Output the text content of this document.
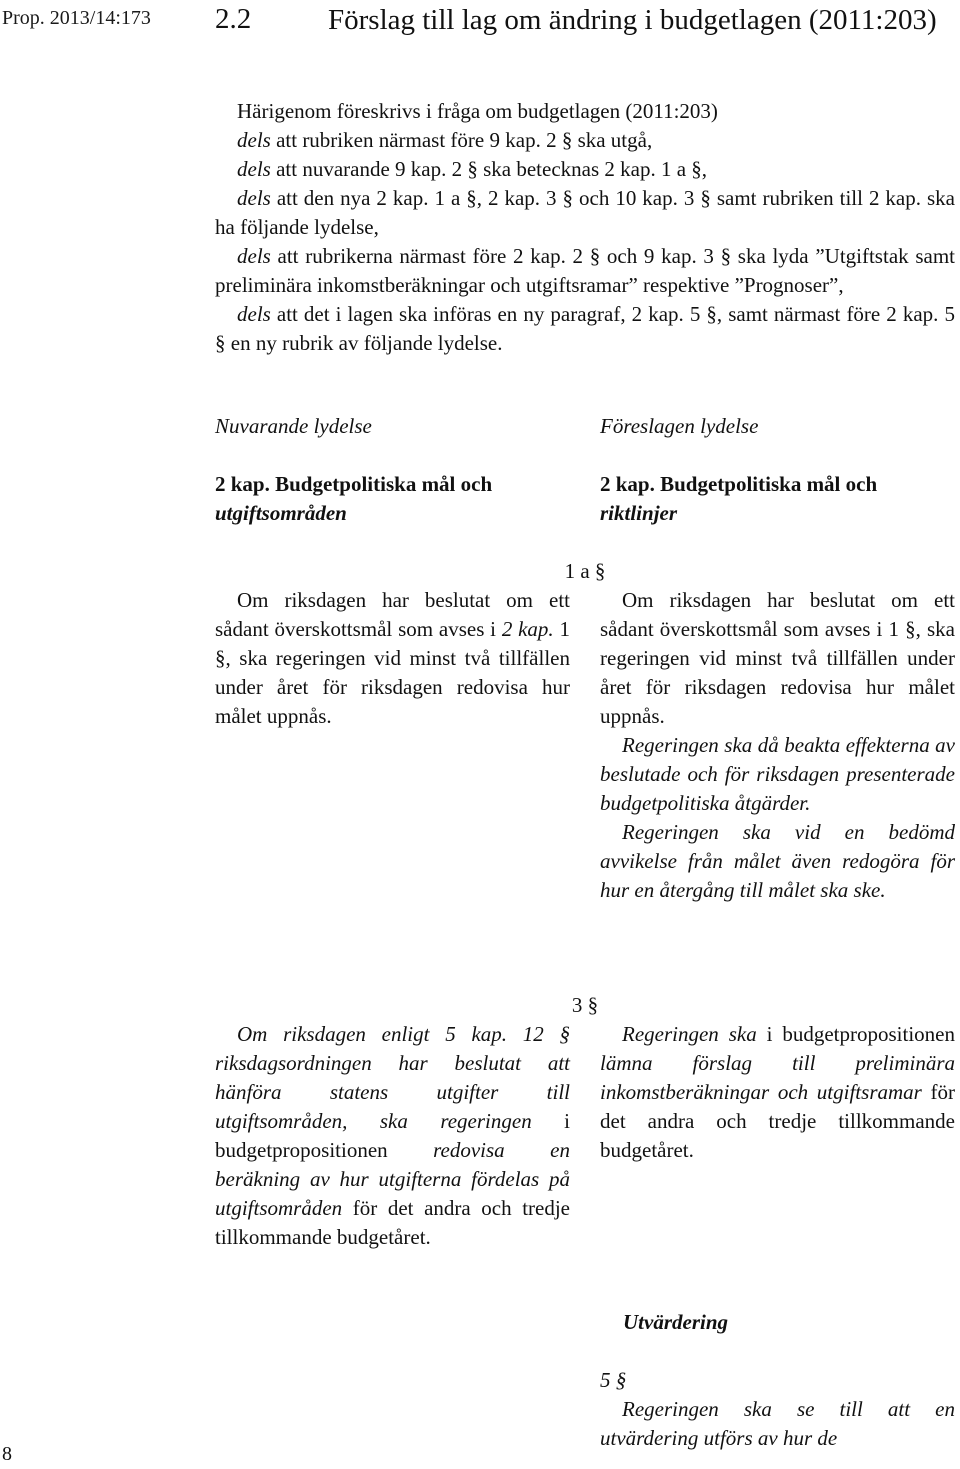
Prop. 2013/14:173 2.2	Förslag till lag om ändring i budgetlagen (2011:203)

Härigenom föreskrivs i fråga om budgetlagen (2011:203)

dels att rubriken närmast före 9 kap. 2 § ska utgå,

dels att nuvarande 9 kap. 2 § ska betecknas 2 kap. 1 a §,

dels att den nya 2 kap. 1 a §, 2 kap. 3 § och 10 kap. 3 § samt rubriken till 2 kap. ska ha följande lydelse,

dels att rubrikerna närmast före 2 kap. 2 § och 9 kap. 3 § ska lyda ”Utgiftstak samt preliminära inkomstberäkningar och utgiftsramar” respektive ”Prognoser”,

dels att det i lagen ska införas en ny paragraf, 2 kap. 5 §, samt närmast före 2 kap. 5 § en ny rubrik av följande lydelse.

Nuvarande lydelse	Föreslagen lydelse
2 kap. Budgetpolitiska mål och
utgiftsområden
2 kap. Budgetpolitiska mål och
riktlinjer
1 a §

Om riksdagen har beslutat om ett sådant överskottsmål som avses i 2 kap. 1 §, ska regeringen vid minst två tillfällen under året för riksdagen redovisa hur målet uppnås.

Om riksdagen har beslutat om ett sådant överskottsmål som avses i 1 §, ska regeringen vid minst två tillfällen under året för riksdagen redovisa hur målet uppnås.

Regeringen ska då beakta effekterna av beslutade och för riksdagen presenterade budgetpolitiska åtgärder.

Regeringen ska vid en bedömd avvikelse från målet även redogöra för hur en återgång till målet ska ske.

3 §

Om riksdagen enligt 5 kap. 12 § riksdagsordningen har beslutat att hänföra statens utgifter till utgiftsområden, ska regeringen i budgetpropositionen redovisa en beräkning av hur utgifterna fördelas på utgiftsområden för det andra och tredje tillkommande budgetåret.

Regeringen ska i budgetpropositionen lämna förslag till preliminära inkomstberäkningar och utgiftsramar för det andra och tredje tillkommande budgetåret.

Utvärdering
5 §

Regeringen ska se till att en utvärdering utförs av hur de

8
